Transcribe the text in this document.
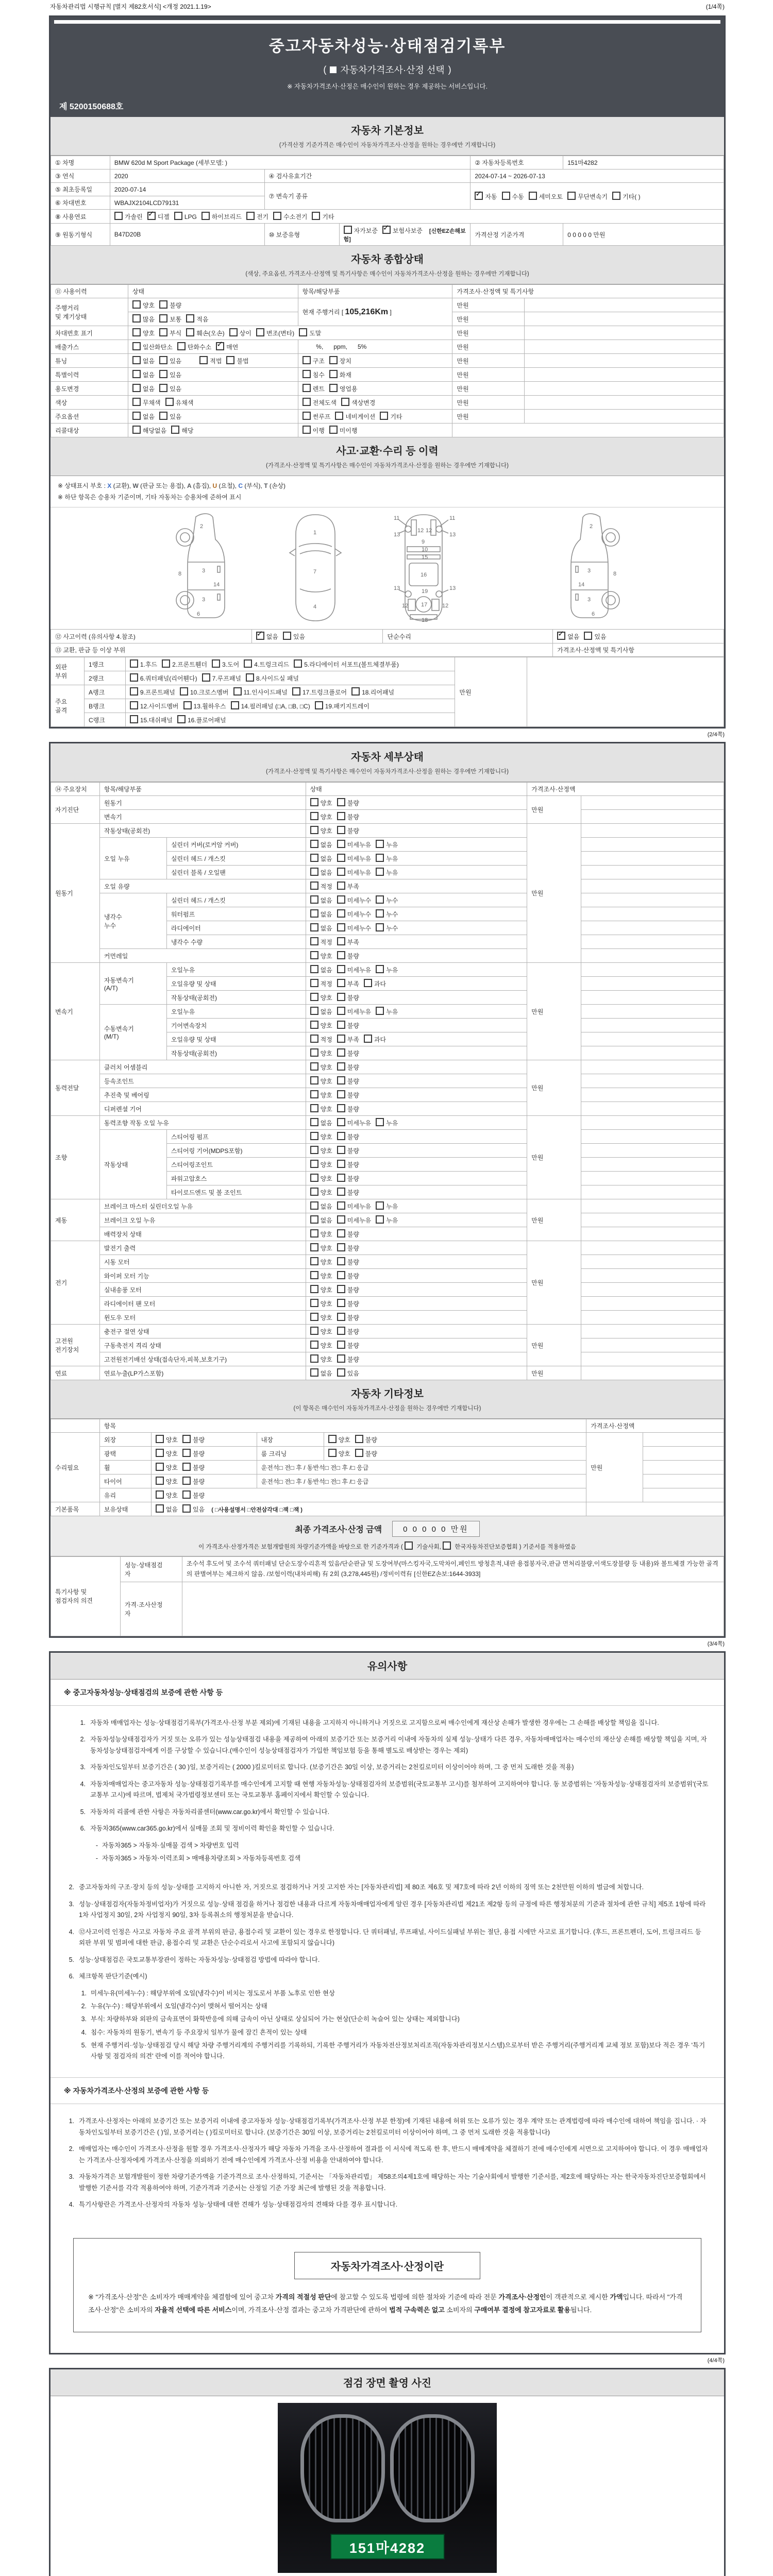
자동차관리법 시행규칙 [별지 제82호서식] <개정 2021.1.19>	(1/4쪽)
중고자동차성능·상태점검기록부
( 자동차가격조사·산정 선택 )
※ 자동차가격조사·산정은 매수인이 원하는 경우 제공하는 서비스입니다.
제 5200150688호
자동차 기본정보
(가격산정 기준가격은 매수인이 자동차가격조사·산정을 원하는 경우에만 기재합니다)
① 차명	BMW 620d M Sport Package (세부모델: )			② 자동차등록번호	151마4282
③ 연식	2020	④ 검사유효기간		2024-07-14 ~ 2026-07-13	
⑤ 최초등록일	2020-07-14	⑦ 변속기 종류	✓자동 수동 세미오토 무단변속기 기타( )
⑥ 차대번호	WBAJX2104LCD79131				
⑧ 사용연료	가솔린 ✓ 디젤 LPG 하이브리드 전기 수소전기 기타
⑨ 원동기형식	B47D20B	⑩ 보증유형	자가보증 ✓ 보험사보증 [신한EZ손해보험]	가격산정 기준가격	0 0 0 0 0 만원
자동차 종합상태
(색상, 주요옵션, 가격조사·산정액 및 특기사항은 매수인이 자동차가격조사·산정을 원하는 경우에만 기재합니다)
⑪ 사용이력	상태	항목/해당부품	가격조사·산정액 및 특기사항	
주행거리
및 계기상태	양호 불량	현재 주행거리 [ 105,216Km ]	만원	
	많음 보통 적음		만원	
차대번호 표기	양호 부식 훼손(오손) 상이 변조(변타) 도말		만원	
배출가스	일산화탄소 탄화수소 ✓ 매연	%,      ppm,      5%	만원	
튜닝	없음 있음 적법 불법	구조 장치	만원	
특별이력	없음 있음	침수 화재	만원	
용도변경	없음 있음	렌트 영업용	만원	
색상	무채색 유채색	전체도색 색상변경	만원	
주요옵션	없음 있음	썬루프 네비게이션 기타	만원	
리콜대상	해당없음 해당	이행 미이행		
사고·교환·수리 등 이력
(가격조사·산정액 및 특기사항은 매수인이 자동차가격조사·산정을 원하는 경우에만 기재합니다)
※ 상태표시 부호 : X (교환), W (판금 또는 용접), A (흠집), U (요철), C (부식), T (손상)
※ 하단 항목은 승용차 기준이며, 기타 자동차는 승용차에 준하여 표시
2
8	3
14
3
6
1
7
4
11	11
13	13
12 12
9
10
15
16
19
13	13
12	12
17
18
2
3	8
14
3
6
⑫ 사고이력 (유의사항 4.참조)	✓없음 있음	단순수리	✓없음 있음
⑬ 교환, 판금 등 이상 부위			가격조사·산정액 및 특기사항
외판
부위	1랭크	1.후드 2.프론트휀더 3.도어 4.트렁크리드 5.라디에이터 서포트(볼트체결부품)	만원	
	2랭크	6.쿼터패널(리어휀다) 7.루프패널 8.사이드실 패널		
주요
골격	A랭크	9.프론트패널 10.크로스멤버 11.인사이드패널 17.트렁크플로어 18.리어패널		
	B랭크	12.사이드멤버 13.휠하우스 14.필러패널 (□A, □B, □C) 19.패키지트레이		
	C랭크	15.대쉬패널 16.플로어패널		
(2/4쪽)
자동차 세부상태
(가격조사·산정액 및 특기사항은 매수인이 자동차가격조사·산정을 원하는 경우에만 기재합니다)
⑭ 주요장치	항목/해당부품		상태	가격조사·산정액	
자기진단	원동기		양호 불량	만원	
	변속기		양호 불량		
원동기	작동상태(공회전)		양호 불량	만원	
	오일 누유	실린더 커버(로커암 커버)	없음 미세누유 누유		
		실린더 헤드 / 개스킷	없음 미세누유 누유		
		실린더 블록 / 오일팬	없음 미세누유 누유		
	오일 유량		적정 부족		
	냉각수
누수	실린더 헤드 / 개스킷	없음 미세누수 누수		
		워터펌프	없음 미세누수 누수		
		라디에이터	없음 미세누수 누수		
		냉각수 수량	적정 부족		
	커먼레일		양호 불량		
변속기	자동변속기
(A/T)	오일누유	없음 미세누유 누유	만원	
		오일유량 및 상태	적정 부족 과다		
		작동상태(공회전)	양호 불량		
	수동변속기
(M/T)	오일누유	없음 미세누유 누유		
		기어변속장치	양호 불량		
		오일유량 및 상태	적정 부족 과다		
		작동상태(공회전)	양호 불량		
동력전달	클러치 어셈블리		양호 불량	만원	
	등속조인트		양호 불량		
	추진축 및 베어링		양호 불량		
	디퍼렌셜 기어		양호 불량		
조향	동력조향 작동 오일 누유		없음 미세누유 누유	만원	
	작동상태	스티어링 펌프	양호 불량		
		스티어링 기어(MDPS포함)	양호 불량		
		스티어링조인트	양호 불량		
		파워고압호스	양호 불량		
		타이로드엔드 및 볼 조인트	양호 불량		
제동	브레이크 마스터 실린더오일 누유		없음 미세누유 누유	만원	
	브레이크 오일 누유		없음 미세누유 누유		
	배력장치 상태		양호 불량		
전기	발전기 출력		양호 불량	만원	
	시동 모터		양호 불량		
	와이퍼 모터 기능		양호 불량		
	실내송풍 모터		양호 불량		
	라디에이터 팬 모터		양호 불량		
	윈도우 모터		양호 불량		
고전원
전기장치	충전구 절연 상태		양호 불량	만원	
	구동축전지 격리 상태		양호 불량		
	고전원전기배선 상태(접속단자,피복,보호기구)		양호 불량		
연료	연료누출(LP가스포함)		없음 있음	만원	
자동차 기타정보
(이 항목은 매수인이 자동차가격조사·산정을 원하는 경우에만 기재합니다)
	항목				가격조사·산정액	
수리필요	외장	양호 불량	내장	양호 불량	만원	
	광택	양호 불량	룸 크리닝	양호 불량		
	휠	양호 불량	운전석□ 전□ 후 / 동반석□ 전□ 후 /□ 응급			
	타이어	양호 불량	운전석□ 전□ 후 / 동반석□ 전□ 후 /□ 응급			
	유리	양호 불량				
기본품목	보유상태	없음 있음 ( □사용설명서 □안전삼각대 □잭 □잭 )				
최종 가격조사·산정 금액	0 0 0 0 0 만원
이 가격조사·산정가격은 보험개발원의 차량기준가액을 바탕으로 한 기준가격과 (  기술사회,  한국자동차진단보증협회 ) 기준서를 적용하였음
특기사항 및
점검자의 의견	성능·상태점검
자	조수석 후도어 및 조수석 쿼터패널 단순도장수리흔적 있음/단순판금 및 도장여부(마스킹자국,도막차이,페인트 방청흔적,내판 용접봉자국,판금 면처리불량,이색도장불량 등 내용)와 볼트체결 가능한 골격의 판별여부는 체크하지 않음. /보험이력(내차피해) 有 2회 (3,278,445원) /정비이력有 [신한EZ손보:1644-3933]
	가격·조사산정
자	
(3/4쪽)
유의사항
※ 중고자동차성능·상태점검의 보증에 관한 사항 등
1. 자동차 매매업자는 성능·상태점검기록부(가격조사·산정 부분 제외)에 기재된 내용을 고지하지 아니하거나 거짓으로 고지함으로써 매수인에게 재산상 손해가 발생한 경우에는 그 손해를 배상할 책임을 집니다.
2. 자동차성능상태점검자가 거짓 또는 오류가 있는 성능상태점검 내용을 제공하여 아래의 보증기간 또는 보증거리 이내에 자동차의 실제 성능·상태가 다른 경우, 자동차매매업자는 매수인의 재산상 손해를 배상할 책임을 지며, 자동차성능상태점검자에게 이를 구상할 수 있습니다.(매수인이 성능상태점검자가 가입한 책임보험 등을 통해 별도로 배상받는 경우는 제외)
3. 자동차인도일부터 보증기간은 ( 30 )일, 보증거리는 ( 2000 )킬로미터로 합니다. (보증기간은 30일 이상, 보증거리는 2천킬로미터 이상이어야 하며, 그 중 먼저 도래한 것을 적용)
4. 자동차매매업자는 중고자동차 성능·상태점검기록부를 매수인에게 고지할 때 현행 자동차성능·상태점검자의 보증범위(국토교통부 고시)를 첨부하여 고지하여야 합니다. 동 보증범위는 '자동차성능·상태점검자의 보증범위'(국토교통부 고시)에 따르며, 법제처 국가법령정보센터 또는 국토교통부 홈페이지에서 확인할 수 있습니다.
5. 자동차의 리콜에 관한 사항은 자동차리콜센터(www.car.go.kr)에서 확인할 수 있습니다.
6. 자동차365(www.car365.go.kr)에서 실매물 조회 및 정비이력 확인을 확인할 수 있습니다.
- 자동차365 > 자동차·실매물 검색 > 차량번호 입력
- 자동차365 > 자동차·이력조회 > 매매용차량조회 > 자동차등록번호 검색
2. 중고자동차의 구조·장치 등의 성능·상태를 고지하지 아니한 자, 거짓으로 점검하거나 거짓 고지한 자는 [자동차관리법] 제 80조 제6호 및 제7호에 따라 2년 이하의 징역 또는 2천만원 이하의 벌금에 처합니다.
3. 성능·상태점검자(자동차정비업자)가 거짓으로 성능·상태 점검을 하거나 점검한 내용과 다르게 자동차매매업자에게 알린 경우 [자동차관리법 제21조 제2항 등의 규정에 따른 행정처분의 기준과 절차에 관한 규칙] 제5조 1항에 따라 1차 사업정지 30일, 2차 사업정지 90일, 3차 등록취소의 행정처분을 받습니다.
4. ⑫사고이력 인정은 사고로 자동차 주요 골격 부위의 판금, 용접수리 및 교환이 있는 경우로 한정합니다. 단 쿼터패널, 루프패널, 사이드실패널 부위는 절단, 용접 시에만 사고로 표기합니다. (후드, 프론트펜더, 도어, 트렁크리드 등 외판 부위 및 범퍼에 대한 판금, 용접수리 및 교환은 단순수리로서 사고에 포함되지 않습니다)
5. 성능·상태점검은 국토교통부장관이 정하는 자동차성능·상태점검 방법에 따라야 합니다.
6. 체크항목 판단기준(예시)
1. 미세누유(미세누수) : 해당부위에 오일(냉각수)이 비치는 정도로서 부품 노후로 인한 현상
2. 누유(누수) : 해당부위에서 오일(냉각수)이 맺혀서 떨어지는 상태
3. 부식: 차량하부와 외판의 금속표면이 화학반응에 의해 금속이 아닌 상태로 상실되어 가는 현상(단순히 녹슬어 있는 상태는 제외합니다)
4. 침수: 자동차의 원동기, 변속기 등 주요장치 일부가 물에 잠긴 흔적이 있는 상태
5. 현재 주행거리·성능·상태점검 당시 해당 차량 주행거리계의 주행거리를 기록하되, 기록한 주행거리가 자동차전산정보처리조직(자동차관리정보시스템)으로부터 받은 주행거리(주행거리계 교체 정보 포함)보다 적은 경우 '특기사항 및 점검자의 의견' 란에 이를 적어야 합니다.
※ 자동차가격조사·산정의 보증에 관한 사항 등
1. 가격조사·산정자는 아래의 보증기간 또는 보증거리 이내에 중고자동차 성능·상태점검기록부(가격조사·산정 부분 한정)에 기재된 내용에 허위 또는 오류가 있는 경우 계약 또는 관계법령에 따라 매수인에 대하여 책임을 집니다. · 자동차인도일부터 보증기간은 ( )일, 보증거리는 ( )킬로미터로 합니다. (보증기간은 30일 이상, 보증거리는 2천킬로미터 이상이어야 하며, 그 중 먼저 도래한 것을 적용합니다)
2. 매매업자는 매수인이 가격조사·산정을 원할 경우 가격조사·산정자가 해당 자동차 가격을 조사·산정하여 결과를 이 서식에 적도록 한 후, 반드시 매매계약을 체결하기 전에 매수인에게 서면으로 고지하여야 합니다. 이 경우 매매업자는 가격조사·산정자에게 가격조사·산정을 의뢰하기 전에 매수인에게 가격조사·산정 비용을 안내하여야 합니다.
3. 자동차가격은 보험개발원이 정한 차량기준가액을 기준가격으로 조사·산정하되, 기준서는 「자동차관리법」 제58조의4제1호에 해당하는 자는 기술사회에서 발행한 기준서를, 제2호에 해당하는 자는 한국자동차진단보증협회에서 발행한 기준서를 각각 적용하여야 하며, 기준가격과 기준서는 산정일 기준 가장 최근에 발행된 것을 적용합니다.
4. 특기사항란은 가격조사·산정자의 자동차 성능·상태에 대한 견해가 성능·상태점검자의 견해와 다를 경우 표시합니다.
자동차가격조사·산정이란
※ "가격조사·산정"은 소비자가 매매계약을 체결함에 있어 중고차 가격의 적절성 판단에 참고할 수 있도록 법령에 의한 절차와 기준에 따라 전문 가격조사·산정인이 객관적으로 제시한 가액입니다. 따라서 "가격조사·산정"은 소비자의 자율적 선택에 따른 서비스이며, 가격조사·산정 결과는 중고차 가격판단에 관하여 법적 구속력은 없고 소비자의 구매여부 결정에 참고자료로 활용됩니다.
(4/4쪽)
점검 장면 촬영 사진
151마4282
